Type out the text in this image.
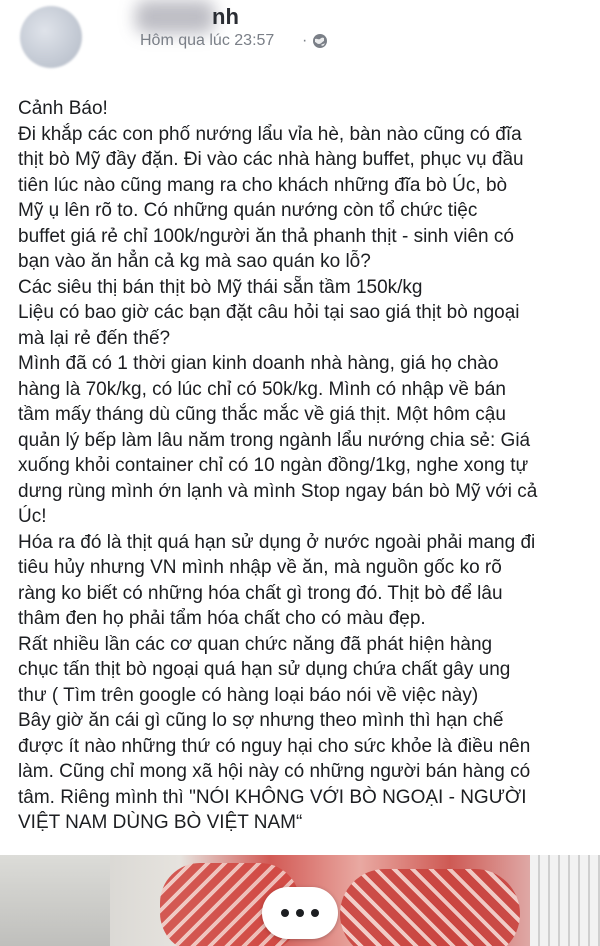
nh
Hôm qua lúc 23:57 ·
Cảnh Báo!
Đi khắp các con phố nướng lẩu vỉa hè, bàn nào cũng có đĩa
thịt bò Mỹ đầy đặn. Đi vào các nhà hàng buffet, phục vụ đầu
tiên lúc nào cũng mang ra cho khách những đĩa bò Úc, bò
Mỹ ụ lên rõ to. Có những quán nướng còn tổ chức tiệc
buffet giá rẻ chỉ 100k/người ăn thả phanh thịt - sinh viên có
bạn vào ăn hẳn cả kg mà sao quán ko lỗ?
Các siêu thị bán thịt bò Mỹ thái sẵn tầm 150k/kg
Liệu có bao giờ các bạn đặt câu hỏi tại sao giá thịt bò ngoại
mà lại rẻ đến thế?
Mình đã có 1 thời gian kinh doanh nhà hàng, giá họ chào
hàng là 70k/kg, có lúc chỉ có 50k/kg. Mình có nhập về bán
tầm mấy tháng dù cũng thắc mắc về giá thịt. Một hôm cậu
quản lý bếp làm lâu năm trong ngành lẩu nướng chia sẻ: Giá
xuống khỏi container chỉ có 10 ngàn đồng/1kg, nghe xong tự
dưng rùng mình ớn lạnh và mình Stop ngay bán bò Mỹ với cả
Úc!
Hóa ra đó là thịt quá hạn sử dụng ở nước ngoài phải mang đi
tiêu hủy nhưng VN mình nhập về ăn, mà nguồn gốc ko rõ
ràng ko biết có những hóa chất gì trong đó. Thịt bò để lâu
thâm đen họ phải tẩm hóa chất cho có màu đẹp.
Rất nhiều lần các cơ quan chức năng đã phát hiện hàng
chục tấn thịt bò ngoại quá hạn sử dụng chứa chất gây ung
thư ( Tìm trên google có hàng loại báo nói về việc này)
Bây giờ ăn cái gì cũng lo sợ nhưng theo mình thì hạn chế
được ít nào những thứ có nguy hại cho sức khỏe là điều nên
làm. Cũng chỉ mong xã hội này có những người bán hàng có
tâm. Riêng mình thì "NÓI KHÔNG VỚI BÒ NGOẠI - NGƯỜI
VIỆT NAM DÙNG BÒ VIỆT NAM“
